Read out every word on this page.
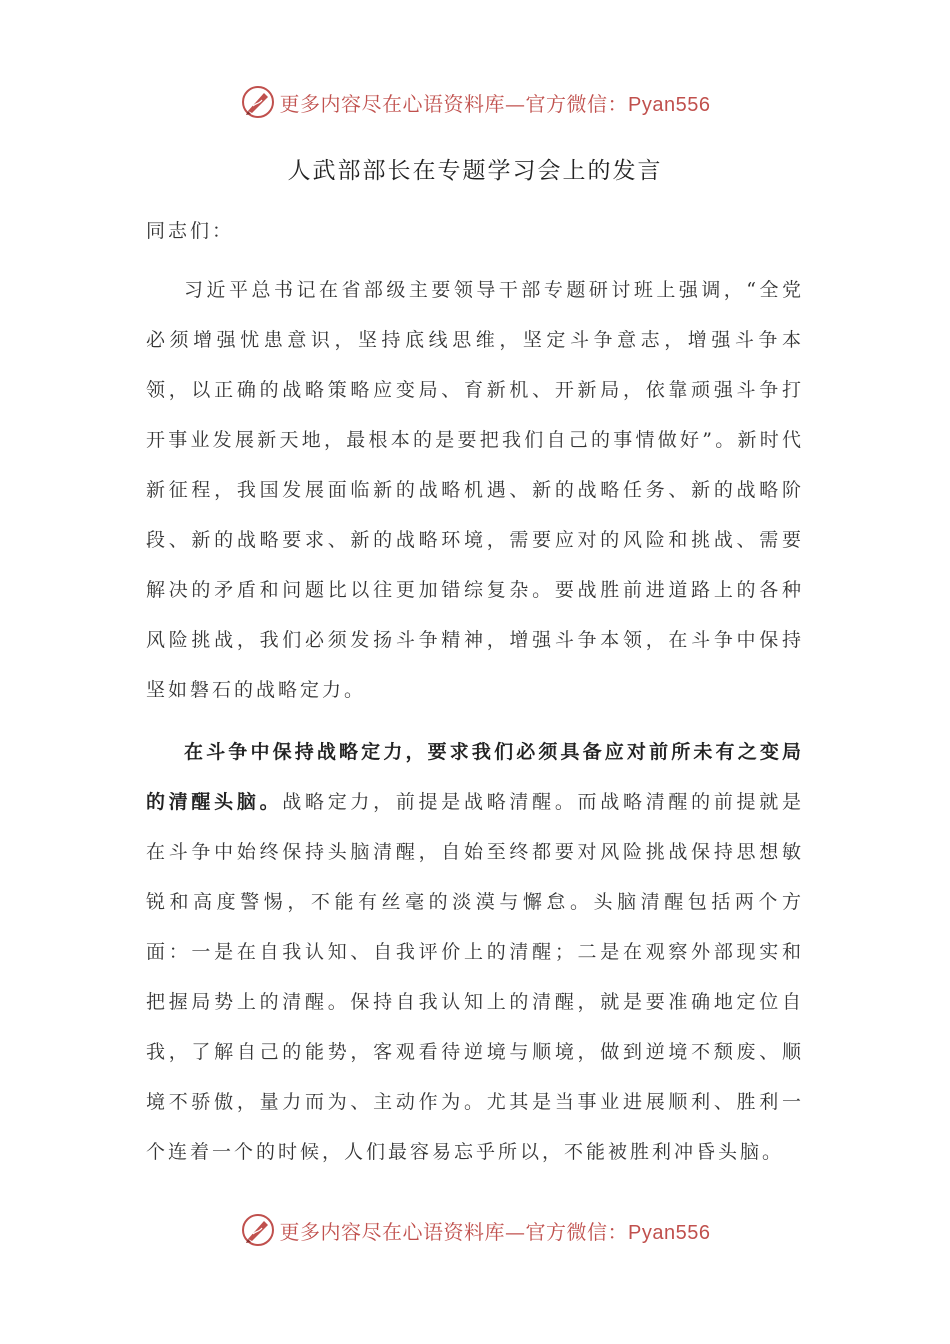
更多内容尽在心语资料库—官方微信：Pyan556
人武部部长在专题学习会上的发言

同志们：

习近平总书记在省部级主要领导干部专题研讨班上强调，“全党必须增强忧患意识，坚持底线思维，坚定斗争意志，增强斗争本领，以正确的战略策略应变局、育新机、开新局，依靠顽强斗争打开事业发展新天地，最根本的是要把我们自己的事情做好”。新时代新征程，我国发展面临新的战略机遇、新的战略任务、新的战略阶段、新的战略要求、新的战略环境，需要应对的风险和挑战、需要解决的矛盾和问题比以往更加错综复杂。要战胜前进道路上的各种风险挑战，我们必须发扬斗争精神，增强斗争本领，在斗争中保持坚如磐石的战略定力。

在斗争中保持战略定力，要求我们必须具备应对前所未有之变局的清醒头脑。战略定力，前提是战略清醒。而战略清醒的前提就是在斗争中始终保持头脑清醒，自始至终都要对风险挑战保持思想敏锐和高度警惕，不能有丝毫的淡漠与懈怠。头脑清醒包括两个方面：一是在自我认知、自我评价上的清醒；二是在观察外部现实和把握局势上的清醒。保持自我认知上的清醒，就是要准确地定位自我，了解自己的能势，客观看待逆境与顺境，做到逆境不颓废、顺境不骄傲，量力而为、主动作为。尤其是当事业进展顺利、胜利一个连着一个的时候，人们最容易忘乎所以，不能被胜利冲昏头脑。

更多内容尽在心语资料库—官方微信：Pyan556
